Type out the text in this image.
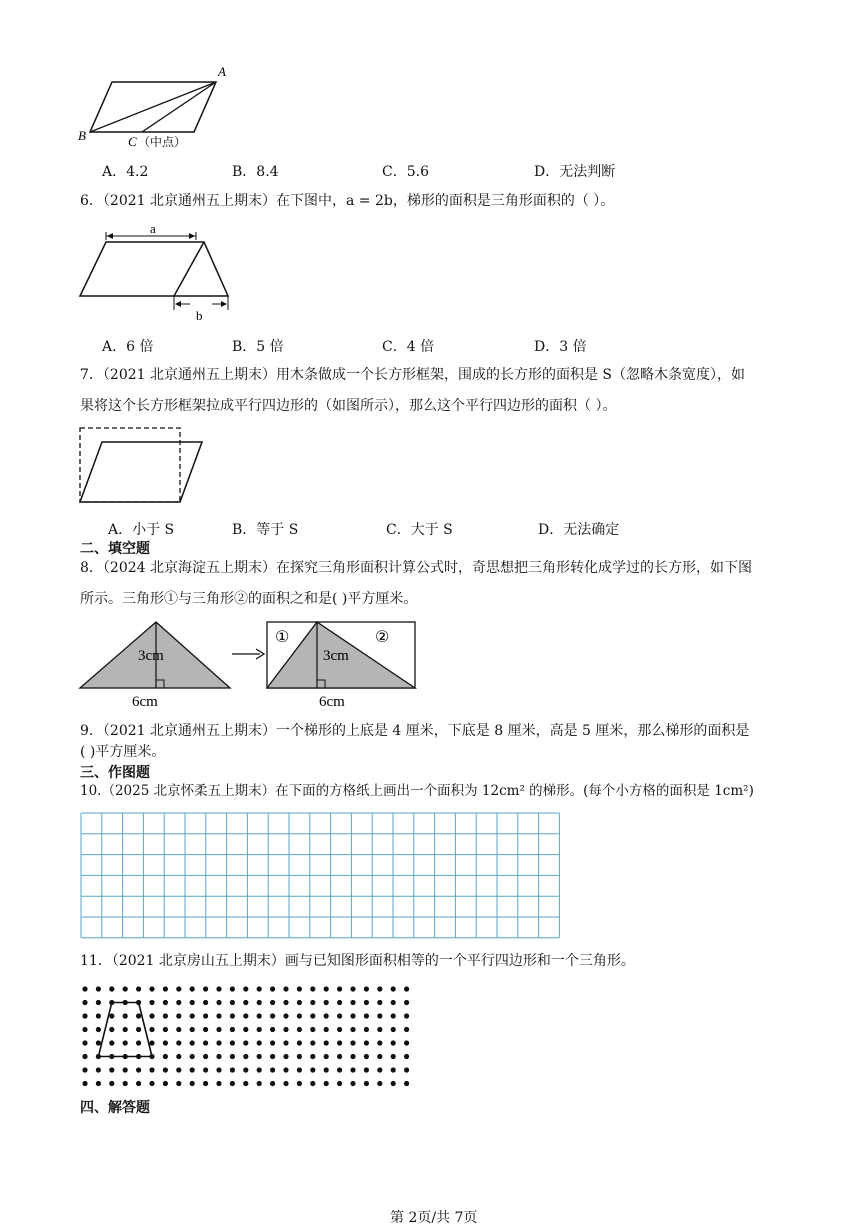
A
B	C （中点）
A．4.2	B．8.4	C．5.6	D．无法判断
6．（2021 北京通州五上期末）在下图中，a = 2b，梯形的面积是三角形面积的（ ）。
a
b
A．6 倍	B．5 倍	C．4 倍	D．3 倍
7．（2021 北京通州五上期末）用木条做成一个长方形框架，围成的长方形的面积是 S（忽略木条宽度），如
果将这个长方形框架拉成平行四边形的（如图所示），那么这个平行四边形的面积（ ）。
A．小于 S	B．等于 S	C．大于 S	D．无法确定
二、填空题
8．（2024 北京海淀五上期末）在探究三角形面积计算公式时，奇思想把三角形转化成学过的长方形，如下图
所示。三角形①与三角形②的面积之和是( )平方厘米。
3cm
6cm
①	②
3cm
6cm
9．（2021 北京通州五上期末）一个梯形的上底是 4 厘米，下底是 8 厘米，高是 5 厘米，那么梯形的面积是
( )平方厘米。
三、作图题
10.（2025 北京怀柔五上期末）在下面的方格纸上画出一个面积为 12cm² 的梯形。(每个小方格的面积是 1cm²)
11．（2021 北京房山五上期末）画与已知图形面积相等的一个平行四边形和一个三角形。
四、解答题
第 2页/共 7页
